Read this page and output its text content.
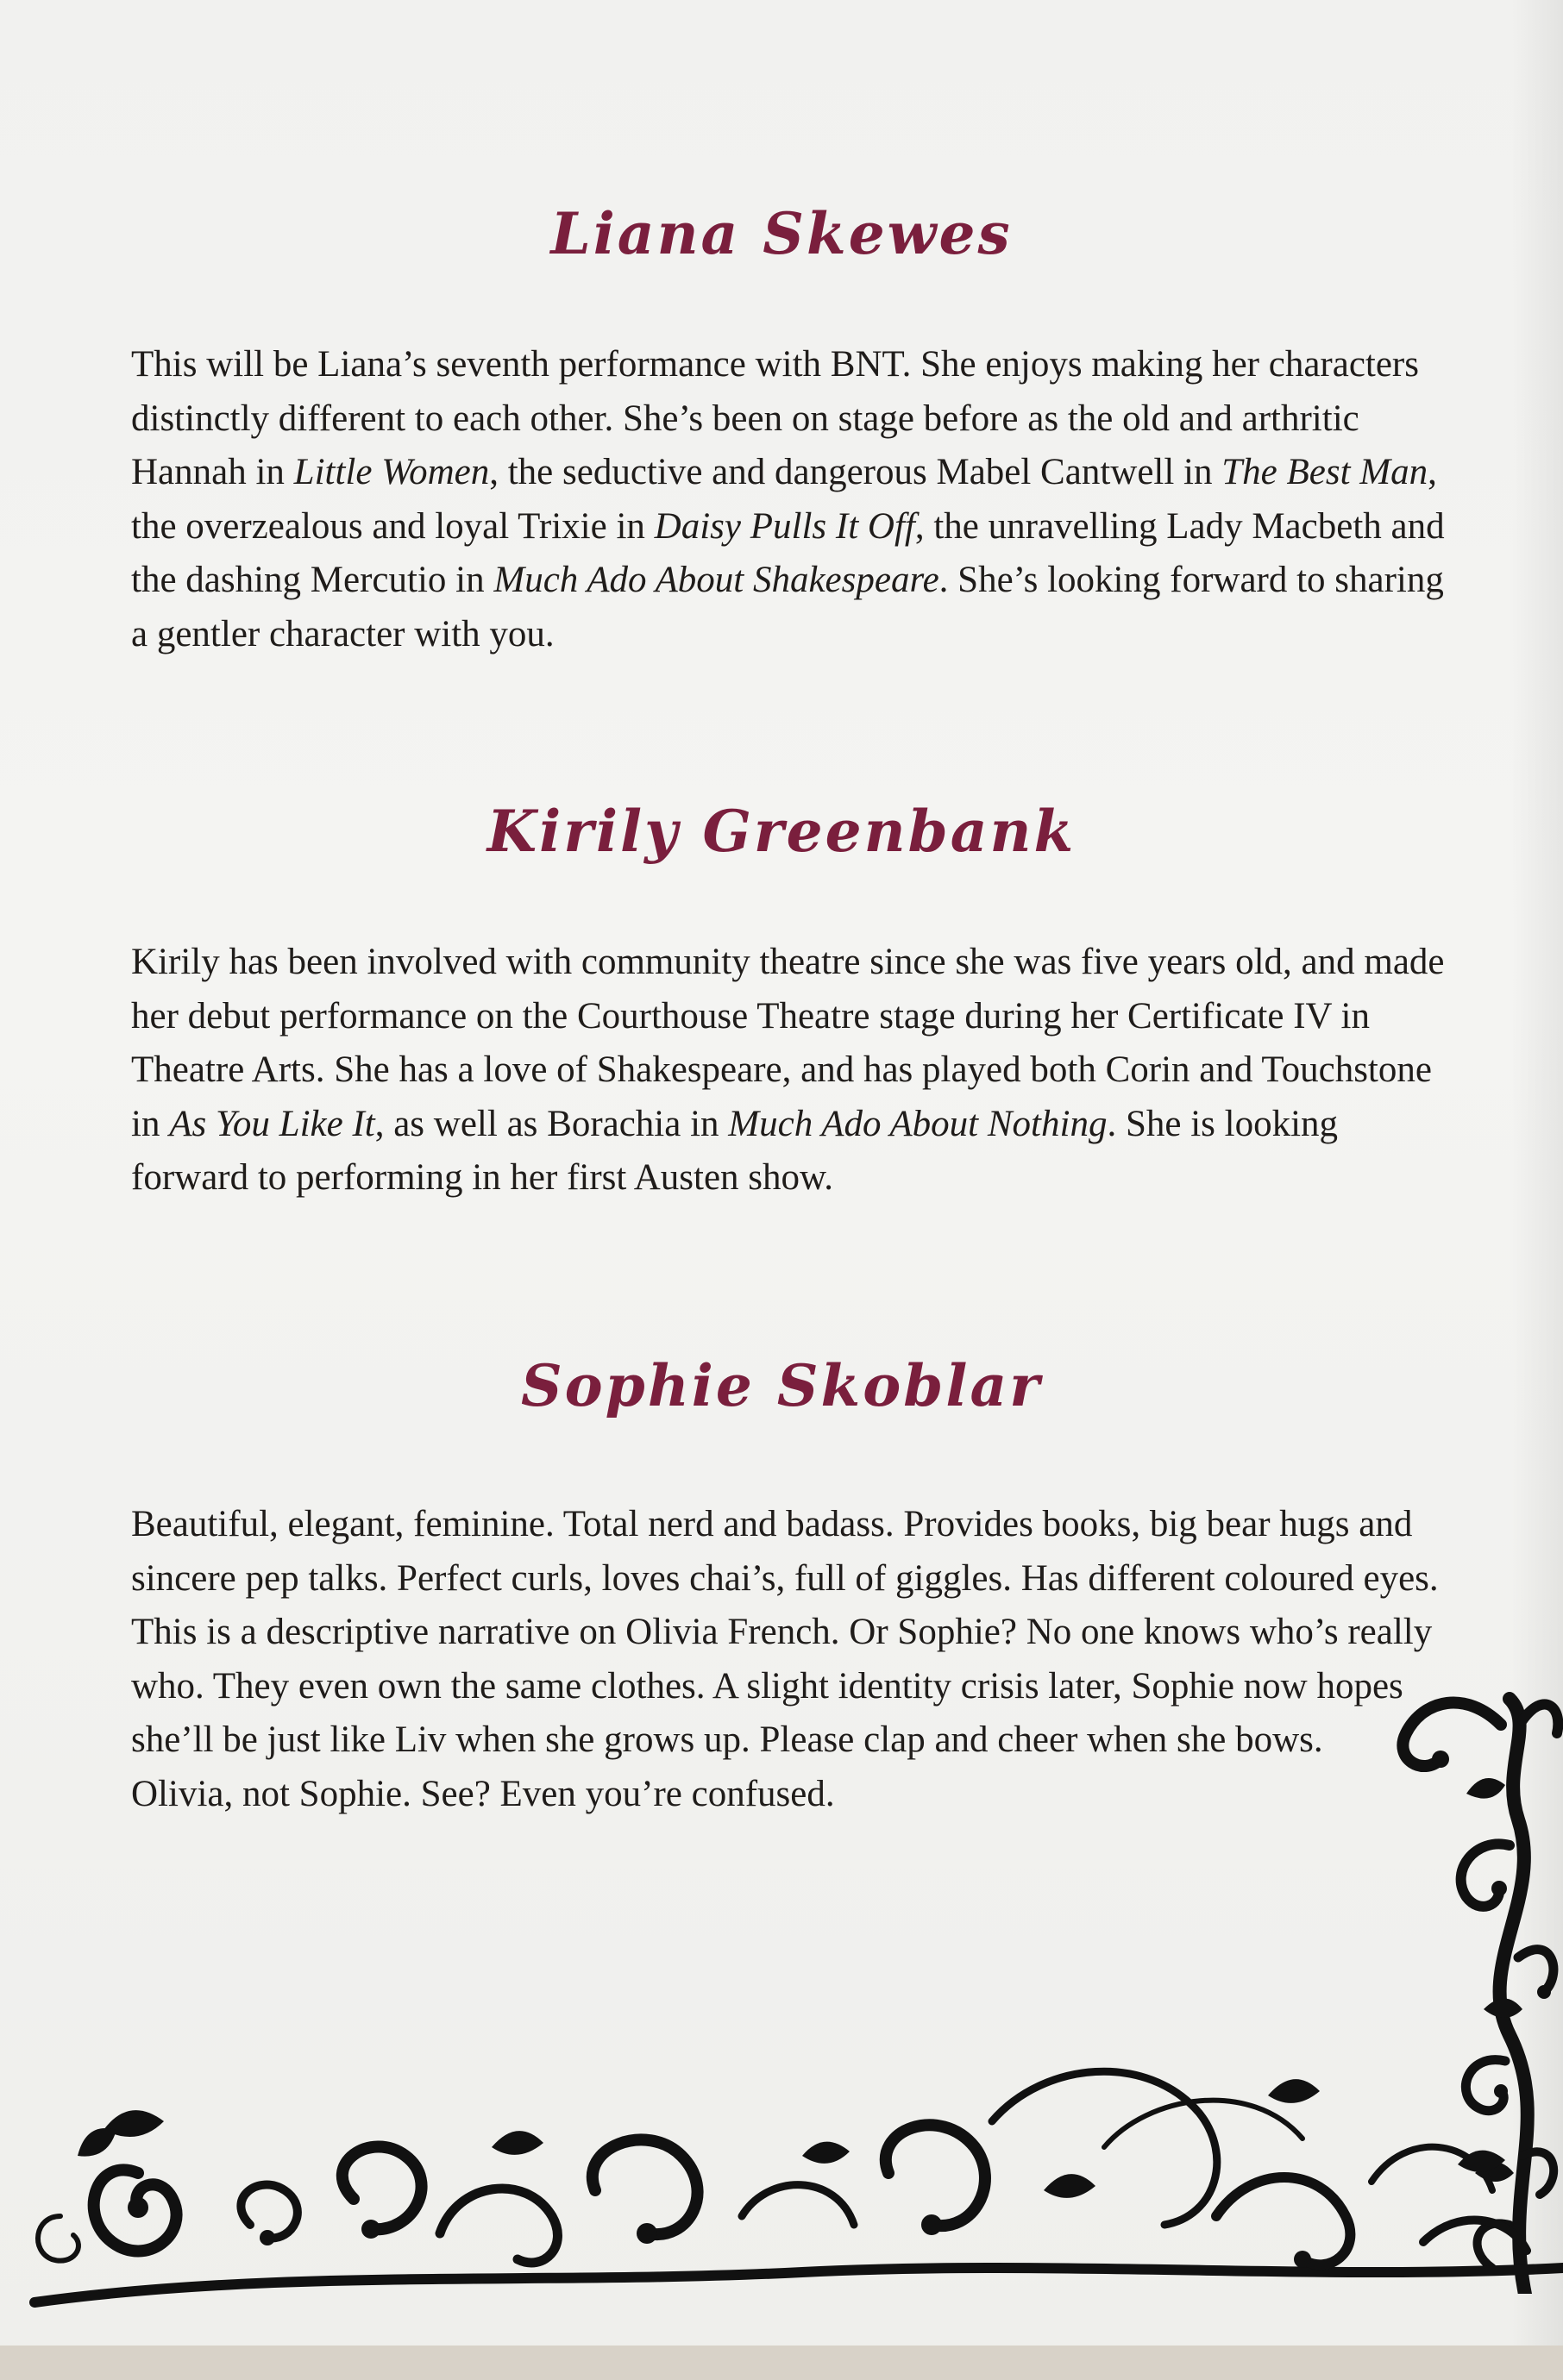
Liana Skewes

This will be Liana’s seventh performance with BNT. She enjoys making her characters distinctly different to each other. She’s been on stage before as the old and arthritic Hannah in Little Women, the seductive and dangerous Mabel Cantwell in The Best Man, the overzealous and loyal Trixie in Daisy Pulls It Off, the unravelling Lady Macbeth and the dashing Mercutio in Much Ado About Shakespeare. She’s looking forward to sharing a gentler character with you.

Kirily Greenbank

Kirily has been involved with community theatre since she was five years old, and made her debut performance on the Courthouse Theatre stage during her Certificate IV in Theatre Arts. She has a love of Shakespeare, and has played both Corin and Touchstone in As You Like It, as well as Borachia in Much Ado About Nothing. She is looking forward to performing in her first Austen show.

Sophie Skoblar

Beautiful, elegant, feminine. Total nerd and badass. Provides books, big bear hugs and sincere pep talks. Perfect curls, loves chai’s, full of giggles. Has different coloured eyes. This is a descriptive narrative on Olivia French. Or Sophie? No one knows who’s really who. They even own the same clothes. A slight identity crisis later, Sophie now hopes she’ll be just like Liv when she grows up. Please clap and cheer when she bows.
Olivia, not Sophie. See? Even you’re confused.
